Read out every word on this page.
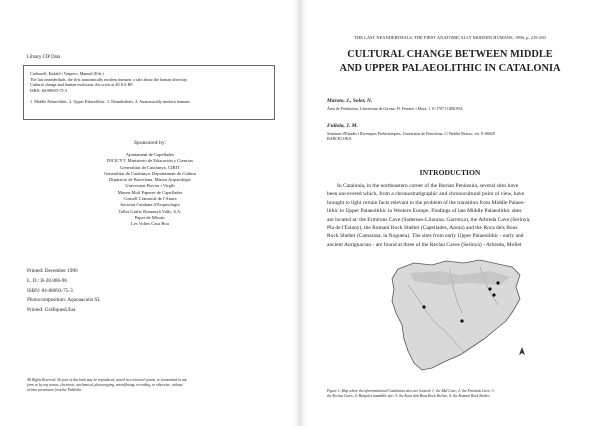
Library CIP Data
Carbonell, Eudald i Vaquero, Manuel (Eds.)
The last neanderthals, the first anatomically modern humans: a tale about the human diversity.
Cultural change and human evolution: the crisis at 40 KA BP.
ISBN: 84-88693-75-3
1. Middle Palaeolithic. 2. Upper Palaeolithic. 3. Neanderthals. 4. Anatomically modern humans.
Sponsored by:
Ajuntament de Capellades
DICICYT. Ministerio de Educación y Ciencias
Generalitat de Catalunya. CIRIT
Generalitat de Catalunya. Departament de Cultura
Diputació de Barcelona. Museu Arqueològic
Universitat Rovira i Virgili
Museu Molí Paperer de Capellades
Consell Comarcal de l'Anoia
Societat Catalana d'Arqueologia
Taller Gràfic Romanyà Valls, S.A.
Paper de Mòsaic
Les Voltes Casa Bou
Printed: December 1996
L. D.: B-28.866-96
ISBN: 84-88693-75-3
Photocomposition: Aquoaacotis SL
Printed: GràfiquesUlua
All Rights Reserved. No part of this book may be reproduced, stored in a retrieval system, or transmitted in any
form or by any means, electronic, mechanical, photocopying, microfilming, recording, or otherwise, without
written permission from the Publisher.
THE LAST NEANDERTHALS, THE FIRST ANATOMICALLY MODERN HUMANS, 1996, p. 219-250
CULTURAL CHANGE BETWEEN MIDDLE
AND UPPER PALAEOLITHIC IN CATALONIA
Maroto, J., Soler, N.
Àrea de Prehistòria, Universitat de Girona. Pl. Ferrater i Mora, 1. E-17071 GIRONA.
Fullola, J. M.
Seminari d'Estudis i Recerques Prehistòriques, Universitat de Barcelona. C/ Baldiri Reixac, s/n. E-08028
BARCELONA
INTRODUCTION
In Catalonia, in the northeastern corner of the Iberian Peninsula, several sites have
been uncovered which, from a chronostratigraphic and chronocultural point of view, have
brought to light certain facts relevant to the problem of the transition from Middle Palaeo-
lithic to Upper Palaeolithic in Western Europe. Findings of late Middle Palaeolithic sites
are located at: the Ermitons Cave (Sadernes-Lliurana, Garrotxa), the Arbreda Cave (Serinyà,
Pla de l'Estany), the Romaní Rock Shelter (Capellades, Anoia) and the Roca dels Bous
Rock Shelter (Camarasa, la Noguera). The sites from early Upper Palaeolithic - early and
ancient Aurignacian - are found at three of the Reclau Caves (Serinyà) - Arbreda, Mollet
Figure 1. Map where the aforementioned Catalonian sites are located: 1: the Mal Cave; 2: the Ermitons Cave; 3:
the Reclau Caves; 4: Banyoles mandible site; 5: the Roca dels Bous Rock Shelter; 6: the Romaní Rock Shelter.
